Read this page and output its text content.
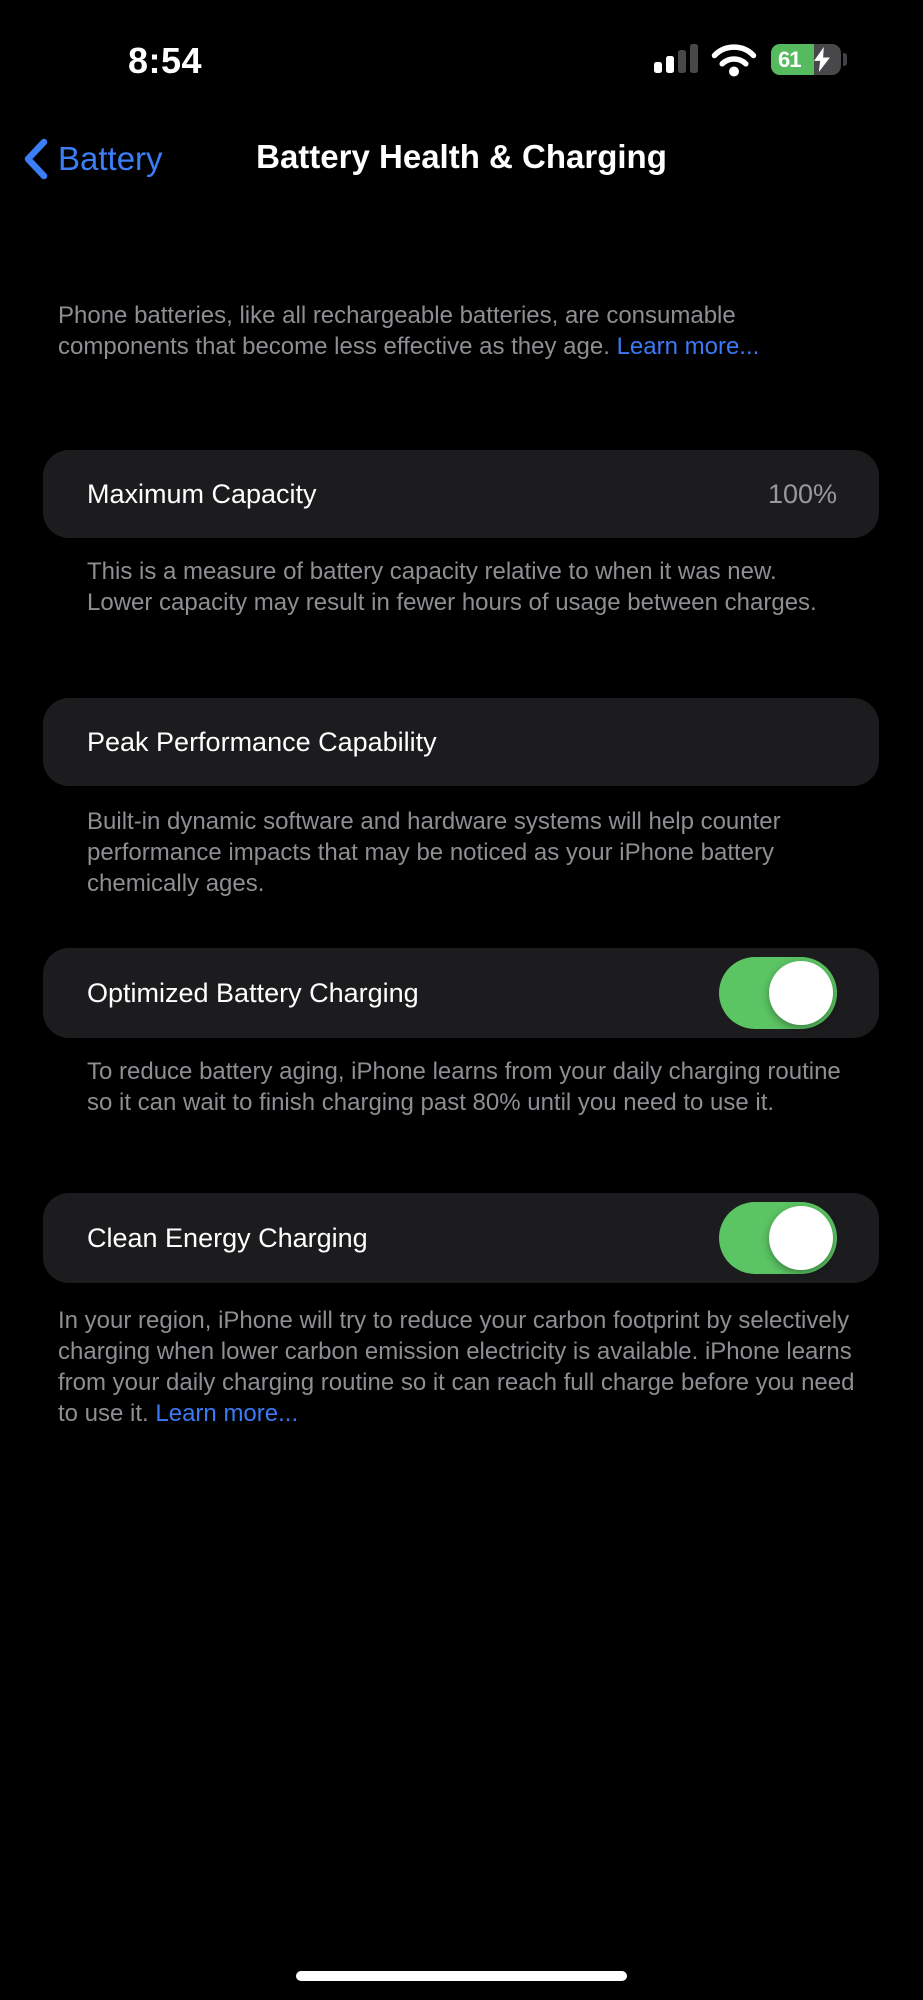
8:54	61
Battery	Battery Health & Charging

Phone batteries, like all rechargeable batteries, are consumable components that become less effective as they age. Learn more...

Maximum Capacity	100%

This is a measure of battery capacity relative to when it was new. Lower capacity may result in fewer hours of usage between charges.

Peak Performance Capability

Built-in dynamic software and hardware systems will help counter performance impacts that may be noticed as your iPhone battery chemically ages.

Optimized Battery Charging

To reduce battery aging, iPhone learns from your daily charging routine so it can wait to finish charging past 80% until you need to use it.

Clean Energy Charging

In your region, iPhone will try to reduce your carbon footprint by selectively charging when lower carbon emission electricity is available. iPhone learns from your daily charging routine so it can reach full charge before you need to use it. Learn more...
